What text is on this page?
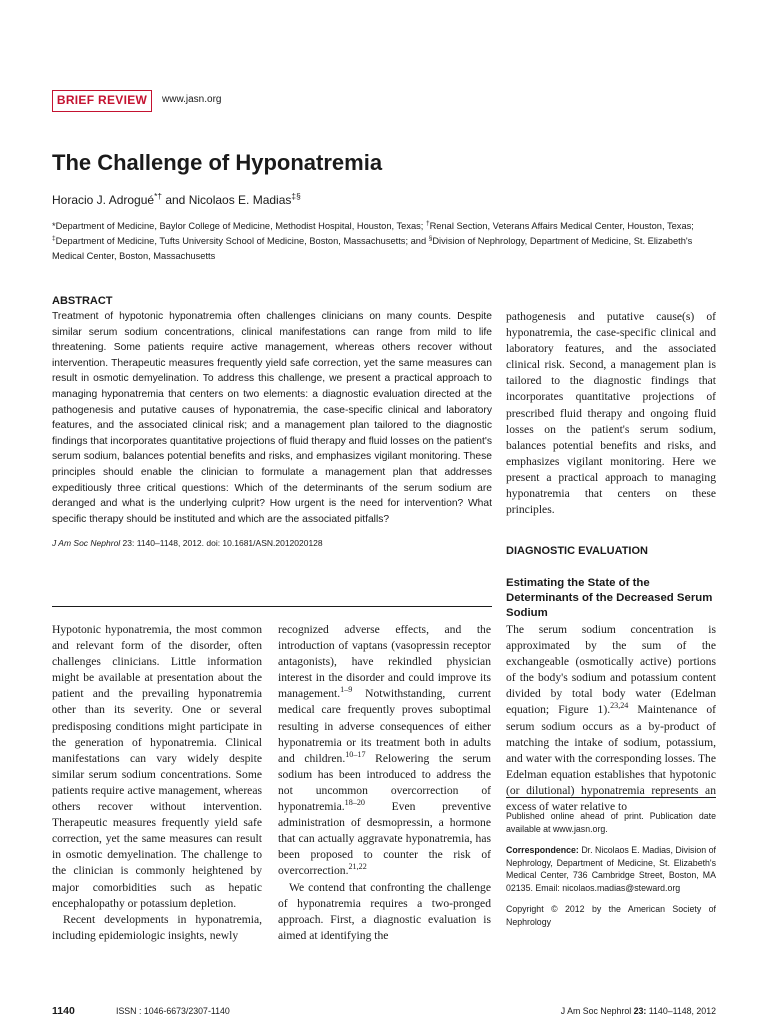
BRIEF REVIEW	www.jasn.org
The Challenge of Hyponatremia
Horacio J. Adrogué*† and Nicolaos E. Madias‡§
*Department of Medicine, Baylor College of Medicine, Methodist Hospital, Houston, Texas; †Renal Section, Veterans Affairs Medical Center, Houston, Texas; ‡Department of Medicine, Tufts University School of Medicine, Boston, Massachusetts; and §Division of Nephrology, Department of Medicine, St. Elizabeth's Medical Center, Boston, Massachusetts
ABSTRACT
Treatment of hypotonic hyponatremia often challenges clinicians on many counts. Despite similar serum sodium concentrations, clinical manifestations can range from mild to life threatening. Some patients require active management, whereas others recover without intervention. Therapeutic measures frequently yield safe correction, yet the same measures can result in osmotic demyelination. To address this challenge, we present a practical approach to managing hyponatremia that centers on two elements: a diagnostic evaluation directed at the pathogenesis and putative causes of hyponatremia, the case-specific clinical and laboratory features, and the associated clinical risk; and a management plan tailored to the diagnostic findings that incorporates quantitative projections of fluid therapy and fluid losses on the patient's serum sodium, balances potential benefits and risks, and emphasizes vigilant monitoring. These principles should enable the clinician to formulate a management plan that addresses expeditiously three critical questions: Which of the determinants of the serum sodium are deranged and what is the underlying culprit? How urgent is the need for intervention? What specific therapy should be instituted and which are the associated pitfalls?
J Am Soc Nephrol 23: 1140–1148, 2012. doi: 10.1681/ASN.2012020128

Hypotonic hyponatremia, the most common and relevant form of the disorder, often challenges clinicians. Little information might be available at presentation about the patient and the prevailing hyponatremia other than its severity. One or several predisposing conditions might participate in the generation of hyponatremia. Clinical manifestations can vary widely despite similar serum sodium concentrations. Some patients require active management, whereas others recover without intervention. Therapeutic measures frequently yield safe correction, yet the same measures can result in osmotic demyelination. The challenge to the clinician is commonly heightened by major comorbidities such as hepatic encephalopathy or potassium depletion.

Recent developments in hyponatremia, including epidemiologic insights, newly

recognized adverse effects, and the introduction of vaptans (vasopressin receptor antagonists), have rekindled physician interest in the disorder and could improve its management.$^{1-9}$ Notwithstanding, current medical care frequently proves suboptimal resulting in adverse consequences of either hyponatremia or its treatment both in adults and children.$^{10-17}$ Relowering the serum sodium has been introduced to address the not uncommon overcorrection of hyponatremia.$^{18-20}$ Even preventive administration of desmopressin, a hormone that can actually aggravate hyponatremia, has been proposed to counter the risk of overcorrection.$^{21,22}$

We contend that confronting the challenge of hyponatremia requires a two-pronged approach. First, a diagnostic evaluation is aimed at identifying the

pathogenesis and putative cause(s) of hyponatremia, the case-specific clinical and laboratory features, and the associated clinical risk. Second, a management plan is tailored to the diagnostic findings that incorporates quantitative projections of prescribed fluid therapy and ongoing fluid losses on the patient's serum sodium, balances potential benefits and risks, and emphasizes vigilant monitoring. Here we present a practical approach to managing hyponatremia that centers on these principles.

DIAGNOSTIC EVALUATION
Estimating the State of the Determinants of the Decreased Serum Sodium

The serum sodium concentration is approximated by the sum of the exchangeable (osmotically active) portions of the body's sodium and potassium content divided by total body water (Edelman equation; Figure 1).$^{23,24}$ Maintenance of serum sodium occurs as a by-product of matching the intake of sodium, potassium, and water with the corresponding losses. The Edelman equation establishes that hypotonic (or dilutional) hyponatremia represents an excess of water relative to

Published online ahead of print. Publication date available at www.jasn.org.

Correspondence: Dr. Nicolaos E. Madias, Division of Nephrology, Department of Medicine, St. Elizabeth's Medical Center, 736 Cambridge Street, Boston, MA 02135. Email: nicolaos.madias@steward.org

Copyright © 2012 by the American Society of Nephrology

1140	ISSN : 1046-6673/2307-1140	J Am Soc Nephrol 23: 1140–1148, 2012
